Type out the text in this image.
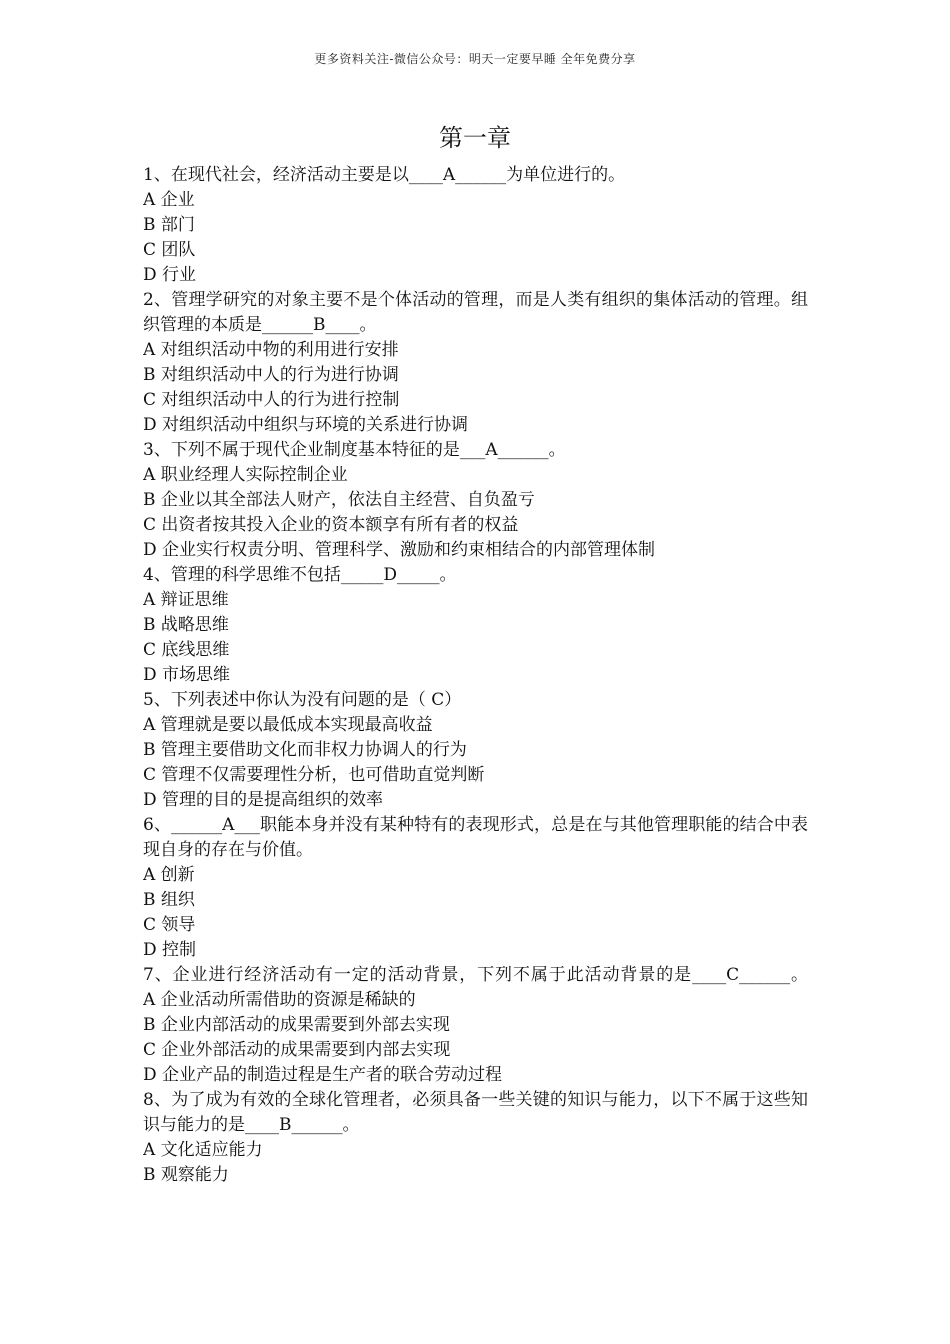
更多资料关注-微信公众号：明天一定要早睡 全年免费分享
第一章
1、在现代社会，经济活动主要是以____A______为单位进行的。
A 企业
B 部门
C 团队
D 行业
2、管理学研究的对象主要不是个体活动的管理，而是人类有组织的集体活动的管理。组织管理的本质是______B____。
A 对组织活动中物的利用进行安排
B 对组织活动中人的行为进行协调
C 对组织活动中人的行为进行控制
D 对组织活动中组织与环境的关系进行协调
3、下列不属于现代企业制度基本特征的是___A______。
A 职业经理人实际控制企业
B 企业以其全部法人财产，依法自主经营、自负盈亏
C 出资者按其投入企业的资本额享有所有者的权益
D 企业实行权责分明、管理科学、激励和约束相结合的内部管理体制
4、管理的科学思维不包括_____D_____。
A 辩证思维
B 战略思维
C 底线思维
D 市场思维
5、下列表述中你认为没有问题的是（ C）
A 管理就是要以最低成本实现最高收益
B 管理主要借助文化而非权力协调人的行为
C 管理不仅需要理性分析，也可借助直觉判断
D 管理的目的是提高组织的效率
6、______A___职能本身并没有某种特有的表现形式，总是在与其他管理职能的结合中表现自身的存在与价值。
A 创新
B 组织
C 领导
D 控制
7、企业进行经济活动有一定的活动背景，下列不属于此活动背景的是____C______。
A 企业活动所需借助的资源是稀缺的
B 企业内部活动的成果需要到外部去实现
C 企业外部活动的成果需要到内部去实现
D 企业产品的制造过程是生产者的联合劳动过程
8、为了成为有效的全球化管理者，必须具备一些关键的知识与能力，以下不属于这些知识与能力的是____B______。
A 文化适应能力
B 观察能力
